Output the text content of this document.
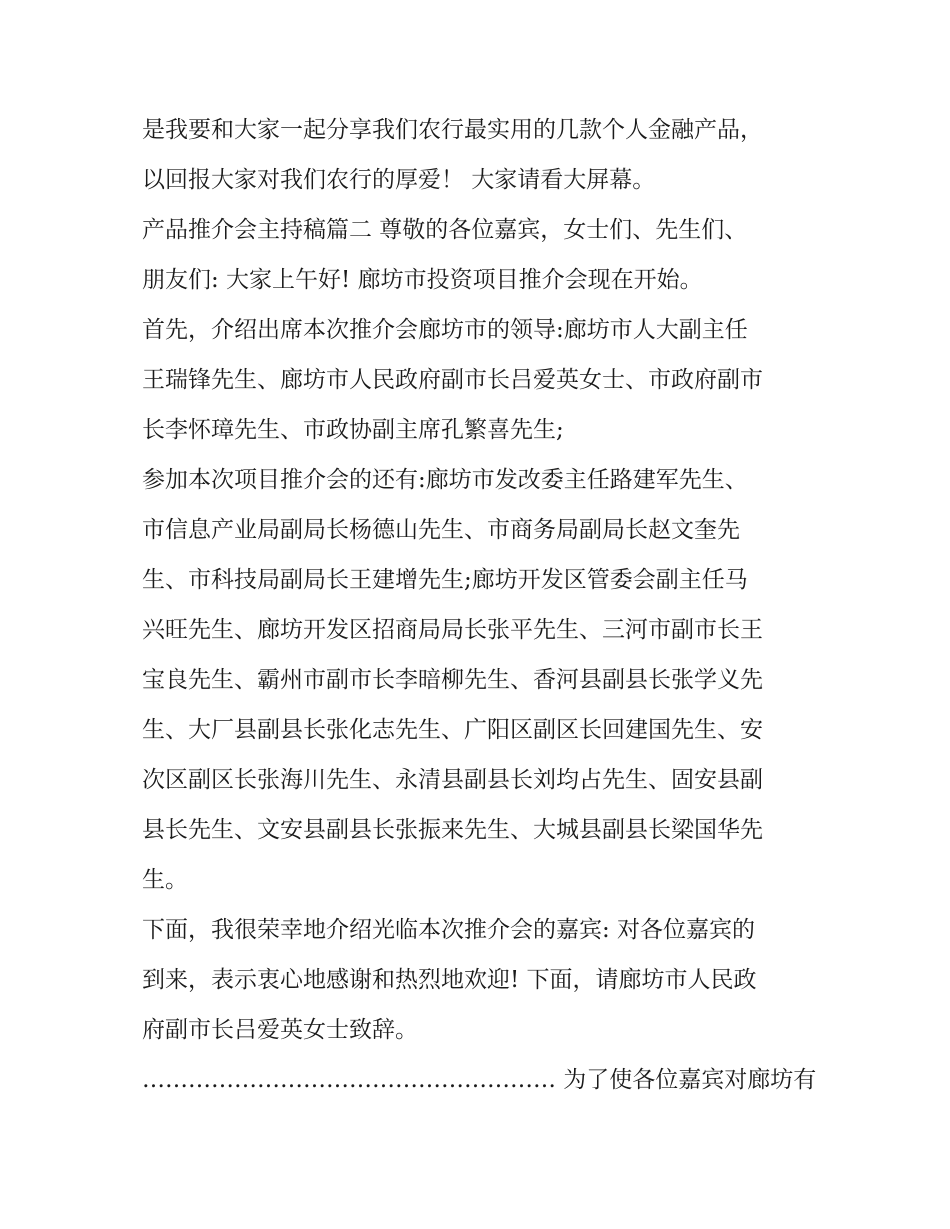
是我要和大家一起分享我们农行最实用的几款个人金融产品，
以回报大家对我们农行的厚爱！ 大家请看大屏幕。
产品推介会主持稿篇二 尊敬的各位嘉宾，女士们、先生们、
朋友们: 大家上午好! 廊坊市投资项目推介会现在开始。
首先，介绍出席本次推介会廊坊市的领导:廊坊市人大副主任
王瑞锋先生、廊坊市人民政府副市长吕爱英女士、市政府副市
长李怀璋先生、市政协副主席孔繁喜先生;
参加本次项目推介会的还有:廊坊市发改委主任路建军先生、
市信息产业局副局长杨德山先生、市商务局副局长赵文奎先
生、市科技局副局长王建增先生;廊坊开发区管委会副主任马
兴旺先生、廊坊开发区招商局局长张平先生、三河市副市长王
宝良先生、霸州市副市长李暗柳先生、香河县副县长张学义先
生、大厂县副县长张化志先生、广阳区副区长回建国先生、安
次区副区长张海川先生、永清县副县长刘均占先生、固安县副
县长先生、文安县副县长张振来先生、大城县副县长梁国华先
生。
下面，我很荣幸地介绍光临本次推介会的嘉宾: 对各位嘉宾的
到来，表示衷心地感谢和热烈地欢迎! 下面，请廊坊市人民政
府副市长吕爱英女士致辞。
……………………………………………… 为了使各位嘉宾对廊坊有
